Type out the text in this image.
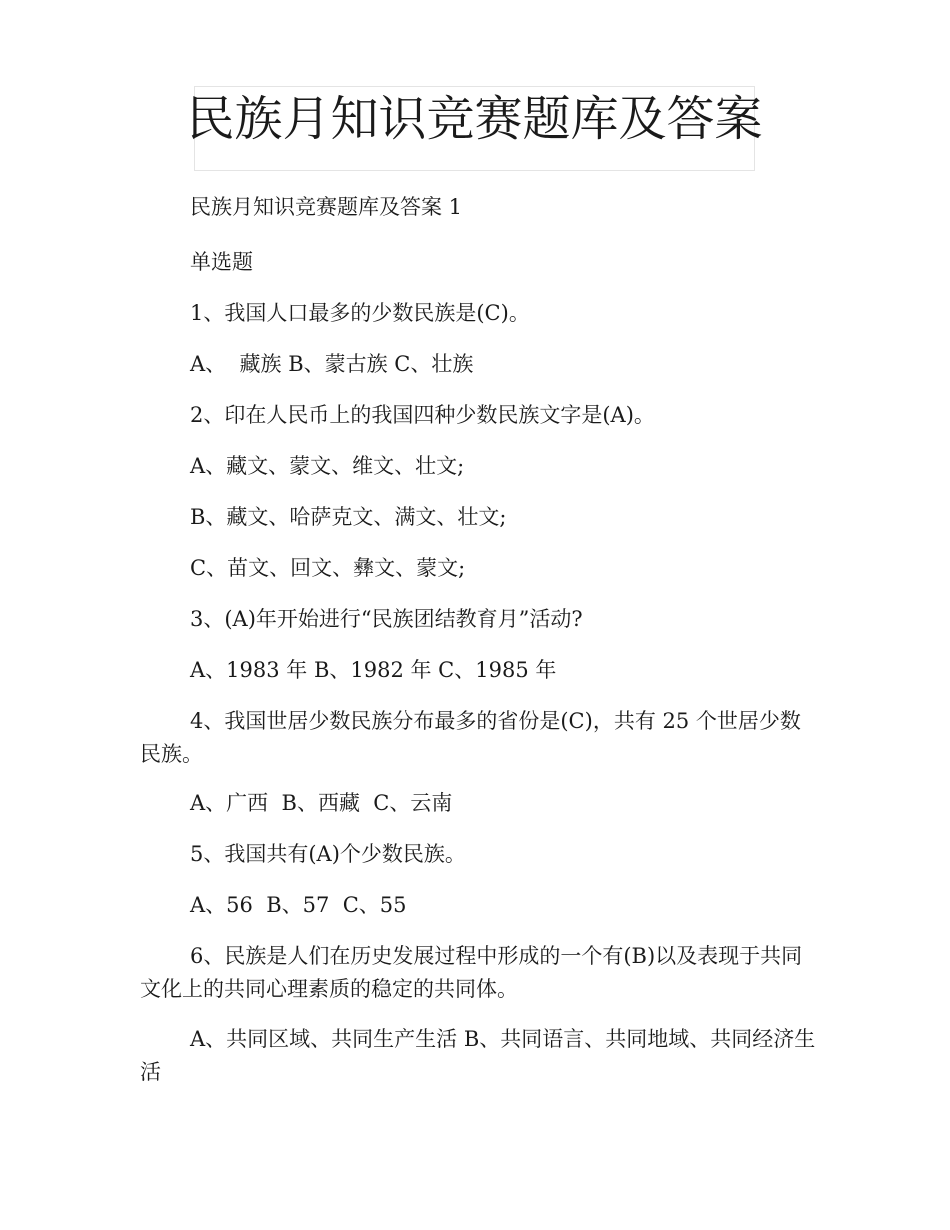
民族月知识竞赛题库及答案
民族月知识竞赛题库及答案 1
单选题
1、我国人口最多的少数民族是(C)。
A、  藏族 B、蒙古族 C、壮族
2、印在人民币上的我国四种少数民族文字是(A)。
A、藏文、蒙文、维文、壮文;
B、藏文、哈萨克文、满文、壮文;
C、苗文、回文、彝文、蒙文;
3、(A)年开始进行“民族团结教育月”活动?
A、1983 年 B、1982 年 C、1985 年
4、我国世居少数民族分布最多的省份是(C)，共有 25 个世居少数民族。
A、广西  B、西藏  C、云南
5、我国共有(A)个少数民族。
A、56  B、57  C、55
6、民族是人们在历史发展过程中形成的一个有(B)以及表现于共同文化上的共同心理素质的稳定的共同体。
A、共同区域、共同生产生活 B、共同语言、共同地域、共同经济生活
